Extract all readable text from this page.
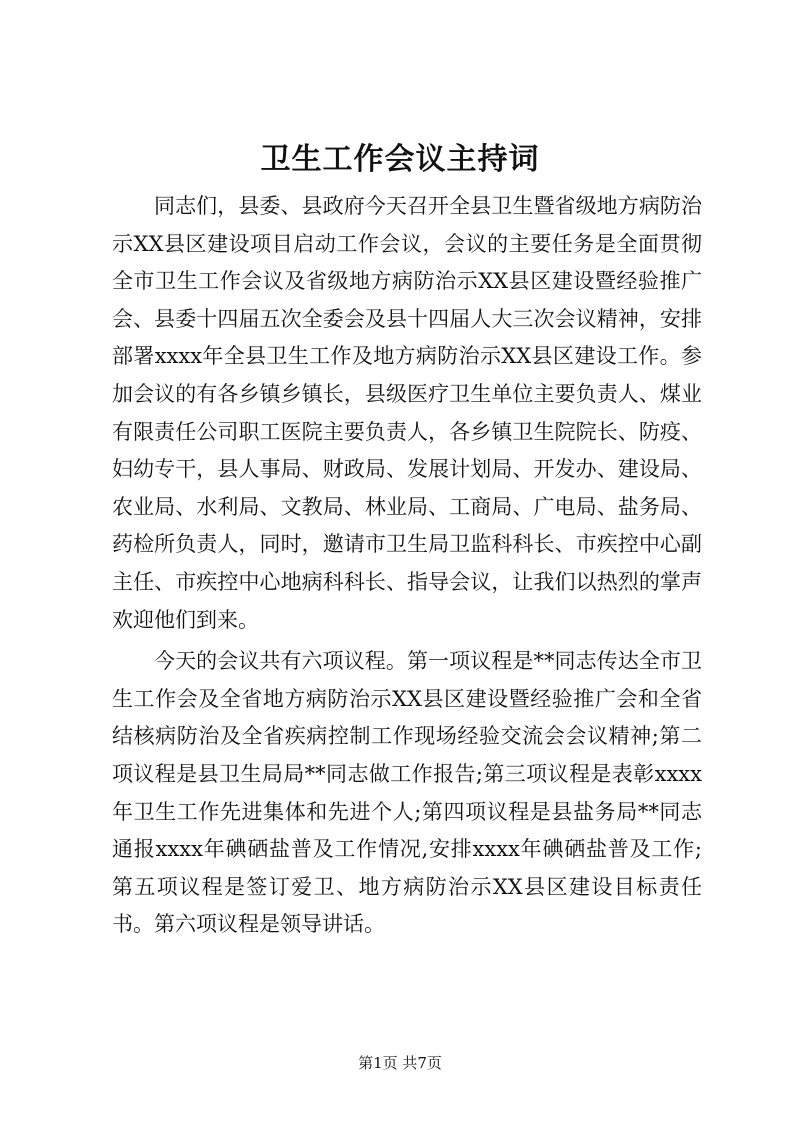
卫生工作会议主持词

同志们，县委、县政府今天召开全县卫生暨省级地方病防治示XX县区建设项目启动工作会议，会议的主要任务是全面贯彻全市卫生工作会议及省级地方病防治示XX县区建设暨经验推广会、县委十四届五次全委会及县十四届人大三次会议精神，安排部署xxxx年全县卫生工作及地方病防治示XX县区建设工作。参加会议的有各乡镇乡镇长，县级医疗卫生单位主要负责人、煤业有限责任公司职工医院主要负责人，各乡镇卫生院院长、防疫、妇幼专干，县人事局、财政局、发展计划局、开发办、建设局、农业局、水利局、文教局、林业局、工商局、广电局、盐务局、药检所负责人，同时，邀请市卫生局卫监科科长、市疾控中心副主任、市疾控中心地病科科长、指导会议，让我们以热烈的掌声欢迎他们到来。

今天的会议共有六项议程。第一项议程是**同志传达全市卫生工作会及全省地方病防治示XX县区建设暨经验推广会和全省结核病防治及全省疾病控制工作现场经验交流会会议精神;第二项议程是县卫生局局**同志做工作报告;第三项议程是表彰xxxx年卫生工作先进集体和先进个人;第四项议程是县盐务局**同志通报xxxx年碘硒盐普及工作情况,安排xxxx年碘硒盐普及工作;第五项议程是签订爱卫、地方病防治示XX县区建设目标责任书。第六项议程是领导讲话。

第1页 共7页
